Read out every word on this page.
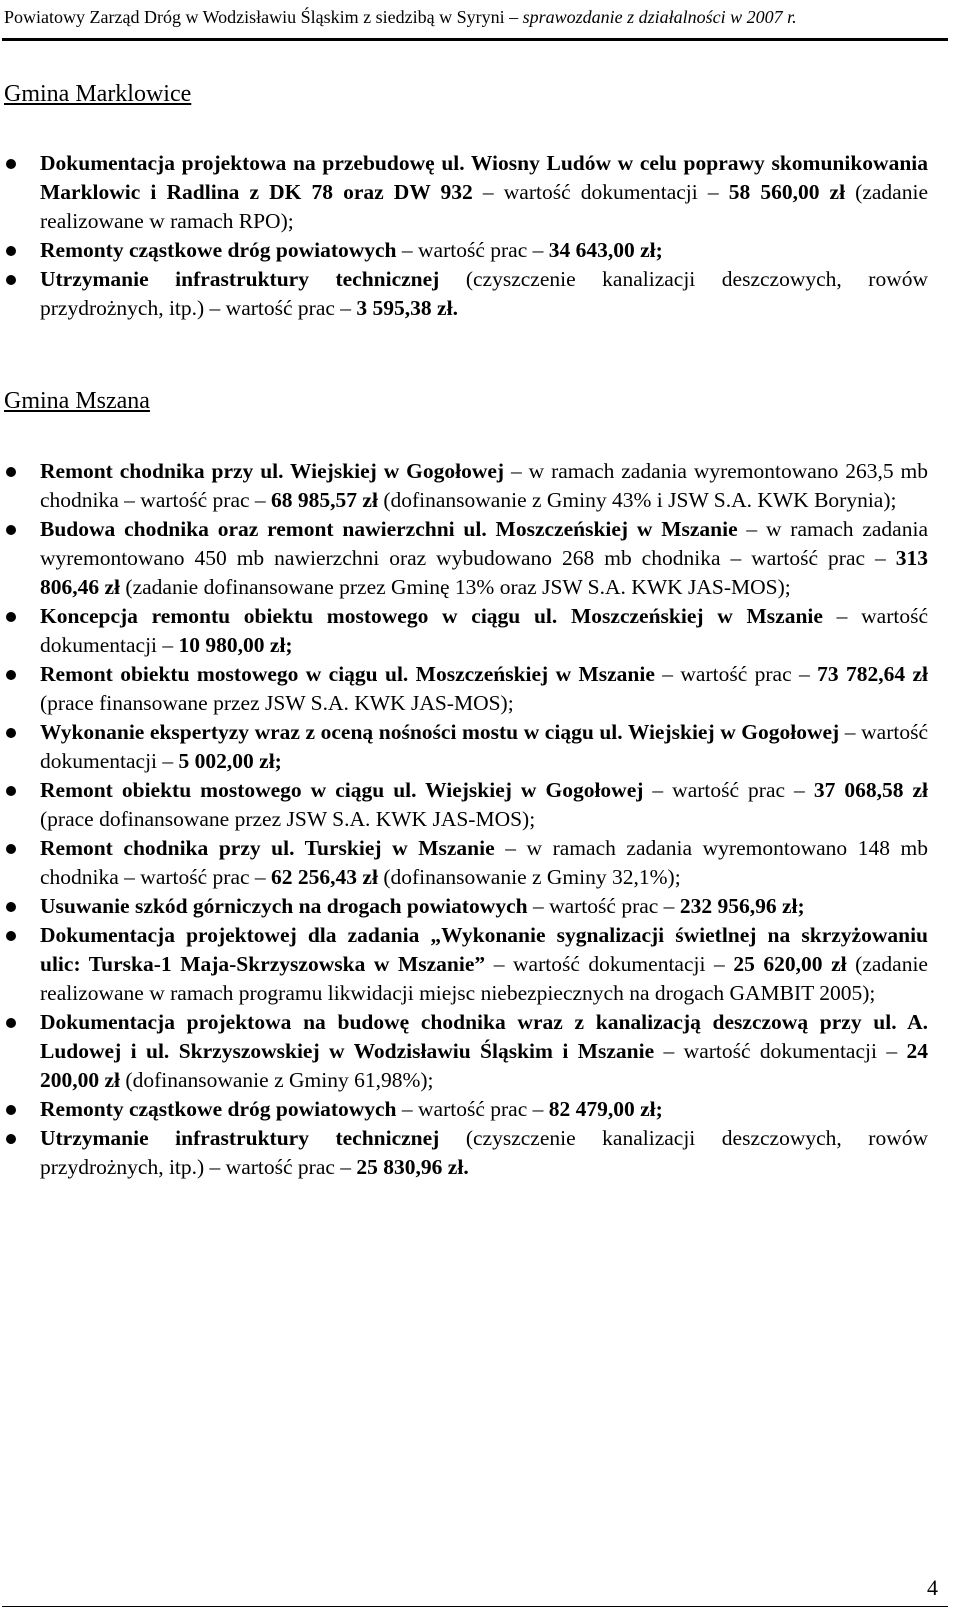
Powiatowy Zarząd Dróg w Wodzisławiu Śląskim z siedzibą w Syryni – sprawozdanie z działalności w 2007 r.
Gmina Marklowice
Dokumentacja projektowa na przebudowę ul. Wiosny Ludów w celu poprawy skomunikowania Marklowic i Radlina z DK 78 oraz DW 932 – wartość dokumentacji – 58 560,00 zł (zadanie realizowane w ramach RPO);
Remonty cząstkowe dróg powiatowych – wartość prac – 34 643,00 zł;
Utrzymanie infrastruktury technicznej (czyszczenie kanalizacji deszczowych, rowów przydrożnych, itp.) – wartość prac – 3 595,38 zł.
Gmina Mszana
Remont chodnika przy ul. Wiejskiej w Gogołowej – w ramach zadania wyremontowano 263,5 mb chodnika – wartość prac – 68 985,57 zł (dofinansowanie z Gminy 43% i JSW S.A. KWK Borynia);
Budowa chodnika oraz remont nawierzchni ul. Moszczeńskiej w Mszanie – w ramach zadania wyremontowano 450 mb nawierzchni oraz wybudowano 268 mb chodnika – wartość prac – 313 806,46 zł (zadanie dofinansowane przez Gminę 13% oraz JSW S.A. KWK JAS-MOS);
Koncepcja remontu obiektu mostowego w ciągu ul. Moszczeńskiej w Mszanie – wartość dokumentacji – 10 980,00 zł;
Remont obiektu mostowego w ciągu ul. Moszczeńskiej w Mszanie – wartość prac – 73 782,64 zł (prace finansowane przez JSW S.A. KWK JAS-MOS);
Wykonanie ekspertyzy wraz z oceną nośności mostu w ciągu ul. Wiejskiej w Gogołowej – wartość dokumentacji – 5 002,00 zł;
Remont obiektu mostowego w ciągu ul. Wiejskiej w Gogołowej – wartość prac – 37 068,58 zł (prace dofinansowane przez JSW S.A. KWK JAS-MOS);
Remont chodnika przy ul. Turskiej w Mszanie – w ramach zadania wyremontowano 148 mb chodnika – wartość prac – 62 256,43 zł (dofinansowanie z Gminy 32,1%);
Usuwanie szkód górniczych na drogach powiatowych – wartość prac – 232 956,96 zł;
Dokumentacja projektowej dla zadania „Wykonanie sygnalizacji świetlnej na skrzyżowaniu ulic: Turska-1 Maja-Skrzyszowska w Mszanie” – wartość dokumentacji – 25 620,00 zł (zadanie realizowane w ramach programu likwidacji miejsc niebezpiecznych na drogach GAMBIT 2005);
Dokumentacja projektowa na budowę chodnika wraz z kanalizacją deszczową przy ul. A. Ludowej i ul. Skrzyszowskiej w Wodzisławiu Śląskim i Mszanie – wartość dokumentacji – 24 200,00 zł (dofinansowanie z Gminy 61,98%);
Remonty cząstkowe dróg powiatowych – wartość prac – 82 479,00 zł;
Utrzymanie infrastruktury technicznej (czyszczenie kanalizacji deszczowych, rowów przydrożnych, itp.) – wartość prac – 25 830,96 zł.
4
